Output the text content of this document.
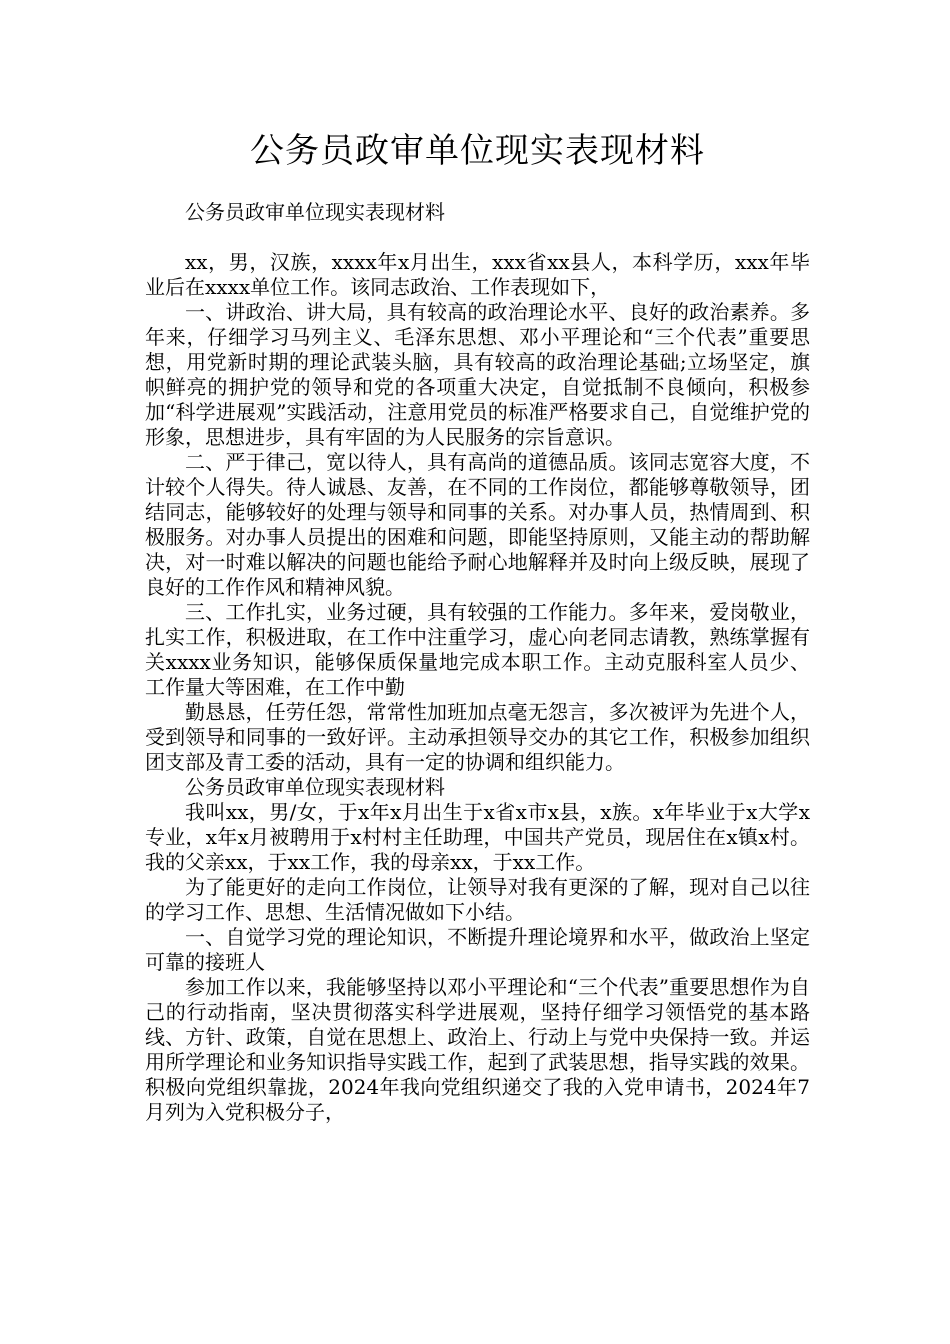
公务员政审单位现实表现材料

公务员政审单位现实表现材料

xx，男，汉族，xxxx年x月出生，xxx省xx县人，本科学历，xxx年毕业后在xxxx单位工作。该同志政治、工作表现如下，

一、讲政治、讲大局，具有较高的政治理论水平、良好的政治素养。多年来，仔细学习马列主义、毛泽东思想、邓小平理论和“三个代表”重要思想，用党新时期的理论武装头脑，具有较高的政治理论基础;立场坚定，旗帜鲜亮的拥护党的领导和党的各项重大决定，自觉抵制不良倾向，积极参加“科学进展观”实践活动，注意用党员的标准严格要求自己，自觉维护党的形象，思想进步，具有牢固的为人民服务的宗旨意识。

二、严于律己，宽以待人，具有高尚的道德品质。该同志宽容大度，不计较个人得失。待人诚恳、友善，在不同的工作岗位，都能够尊敬领导，团结同志，能够较好的处理与领导和同事的关系。对办事人员，热情周到、积极服务。对办事人员提出的困难和问题，即能坚持原则，又能主动的帮助解决，对一时难以解决的问题也能给予耐心地解释并及时向上级反映，展现了良好的工作作风和精神风貌。

三、工作扎实，业务过硬，具有较强的工作能力。多年来，爱岗敬业，扎实工作，积极进取，在工作中注重学习，虚心向老同志请教，熟练掌握有关xxxx业务知识，能够保质保量地完成本职工作。主动克服科室人员少、工作量大等困难，在工作中勤

勤恳恳，任劳任怨，常常性加班加点毫无怨言，多次被评为先进个人，受到领导和同事的一致好评。主动承担领导交办的其它工作，积极参加组织团支部及青工委的活动，具有一定的协调和组织能力。

公务员政审单位现实表现材料

我叫xx，男/女，于x年x月出生于x省x市x县，x族。x年毕业于x大学x专业，x年x月被聘用于x村村主任助理，中国共产党员，现居住在x镇x村。我的父亲xx，于xx工作，我的母亲xx，于xx工作。

为了能更好的走向工作岗位，让领导对我有更深的了解，现对自己以往的学习工作、思想、生活情况做如下小结。

一、自觉学习党的理论知识，不断提升理论境界和水平，做政治上坚定可靠的接班人

参加工作以来，我能够坚持以邓小平理论和“三个代表”重要思想作为自己的行动指南，坚决贯彻落实科学进展观，坚持仔细学习领悟党的基本路线、方针、政策，自觉在思想上、政治上、行动上与党中央保持一致。并运用所学理论和业务知识指导实践工作，起到了武装思想，指导实践的效果。积极向党组织靠拢，2024年我向党组织递交了我的入党申请书，2024年7月列为入党积极分子，
